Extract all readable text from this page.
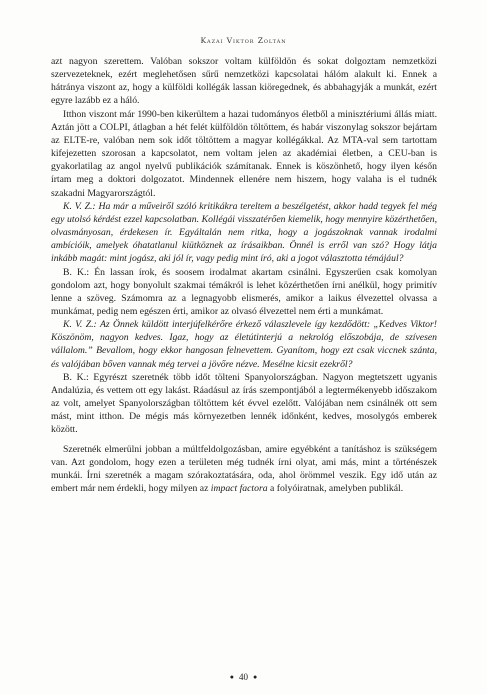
Kazai Viktor Zoltán

azt nagyon szerettem. Valóban sokszor voltam külföldön és sokat dolgoztam nemzetközi szervezeteknek, ezért meglehetősen sűrű nemzetközi kapcsolatai hálóm alakult ki. Ennek a hátránya viszont az, hogy a külföldi kollégák lassan kiöregednek, és abbahagyják a munkát, ezért egyre lazább ez a háló.

Itthon viszont már 1990-ben kikerültem a hazai tudományos életből a minisztériumi állás miatt. Aztán jött a COLPI, átlagban a hét felét külföldön töltöttem, és habár viszonylag sokszor bejártam az ELTE-re, valóban nem sok időt töltöttem a magyar kollégákkal. Az MTA-val sem tartottam kifejezetten szorosan a kapcsolatot, nem voltam jelen az akadémiai életben, a CEU-ban is gyakorlatilag az angol nyelvű publikációk számítanak. Ennek is köszönhető, hogy ilyen későn írtam meg a doktori dolgozatot. Mindennek ellenére nem hiszem, hogy valaha is el tudnék szakadni Magyarországtól.

K. V. Z.: Ha már a műveiről szóló kritikákra tereltem a beszélgetést, akkor hadd tegyek fel még egy utolsó kérdést ezzel kapcsolatban. Kollégái visszatérően kiemelik, hogy mennyire közérthetően, olvasmányosan, érdekesen ír. Egyáltalán nem ritka, hogy a jogászoknak vannak irodalmi ambícióik, amelyek óhatatlanul kiütköznek az írásaikban. Önnél is erről van szó? Hogy látja inkább magát: mint jogász, aki jól ír, vagy pedig mint író, aki a jogot választotta témájául?

B. K.: Én lassan írok, és soosem irodalmat akartam csinálni. Egyszerűen csak komolyan gondolom azt, hogy bonyolult szakmai témákról is lehet közérthetően írni anélkül, hogy primitív lenne a szöveg. Számomra az a legnagyobb elismerés, amikor a laikus élvezettel olvassa a munkámat, pedig nem egészen érti, amikor az olvasó élvezettel nem érti a munkámat.

K. V. Z.: Az Önnek küldött interjúfelkérőre érkező válaszlevele így kezdődött: „Kedves Viktor! Köszönöm, nagyon kedves. Igaz, hogy az életútinterjú a nekrológ előszobája, de szívesen vállalom.” Bevallom, hogy ekkor hangosan felnevettem. Gyanítom, hogy ezt csak viccnek szánta, és valójában bőven vannak még tervei a jövőre nézve. Mesélne kicsit ezekről?

B. K.: Egyrészt szeretnék több időt tölteni Spanyolországban. Nagyon megtetszett ugyanis Andalúzia, és vettem ott egy lakást. Ráadásul az írás szempontjából a legtermékenyebb időszakom az volt, amelyet Spanyolországban töltöttem két évvel ezelőtt. Valójában nem csinálnék ott sem mást, mint itthon. De mégis más környezetben lennék időnként, kedves, mosolygós emberek között.

Szeretnék elmerülni jobban a múltfeldolgozásban, amire egyébként a tanításhoz is szükségem van. Azt gondolom, hogy ezen a területen még tudnék írni olyat, ami más, mint a történészek munkái. Írni szeretnék a magam szórakoztatására, oda, ahol örömmel veszik. Egy idő után az embert már nem érdekli, hogy milyen az impact factora a folyóiratnak, amelyben publikál.

● 40 ●
